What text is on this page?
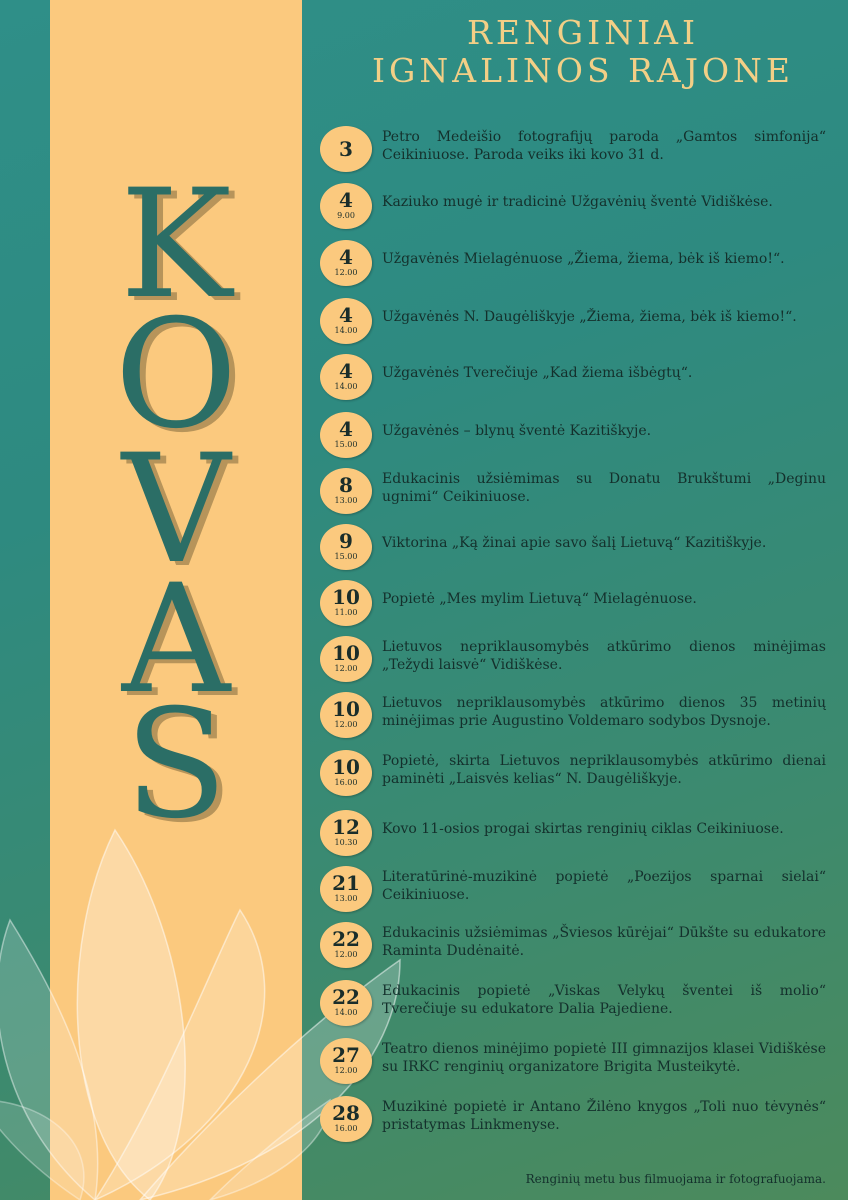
K
O
V
A
S
RENGINIAI
IGNALINOS RAJONE
3	Petro Medeišio fotografijų paroda „Gamtos simfonija“ Ceikiniuose. Paroda veiks iki kovo 31 d.
4
9.00
Kaziuko mugė ir tradicinė Užgavėnių šventė Vidiškėse.
4
12.00
Užgavėnės Mielagėnuose „Žiema, žiema, bėk iš kiemo!“.
4
14.00
Užgavėnės N. Daugėliškyje „Žiema, žiema, bėk iš kiemo!“.
4
14.00
Užgavėnės Tverečiuje „Kad žiema išbėgtų“.
4
15.00
Užgavėnės – blynų šventė Kazitiškyje.
8
13.00
Edukacinis užsiėmimas su Donatu Brukštumi „Deginu ugnimi“ Ceikiniuose.
9
15.00
Viktorina „Ką žinai apie savo šalį Lietuvą“ Kazitiškyje.
10
11.00
Popietė „Mes mylim Lietuvą“ Mielagėnuose.
10
12.00
Lietuvos nepriklausomybės atkūrimo dienos minėjimas „Težydi laisvė“ Vidiškėse.
10
12.00
Lietuvos nepriklausomybės atkūrimo dienos 35 metinių minėjimas prie Augustino Voldemaro sodybos Dysnoje.
10
16.00
Popietė, skirta Lietuvos nepriklausomybės atkūrimo dienai paminėti „Laisvės kelias“ N. Daugėliškyje.
12
10.30
Kovo 11-osios progai skirtas renginių ciklas Ceikiniuose.
21
13.00
Literatūrinė-muzikinė popietė „Poezijos sparnai sielai“ Ceikiniuose.
22
12.00
Edukacinis užsiėmimas „Šviesos kūrėjai“ Dūkšte su edukatore Raminta Dudėnaitė.
22
14.00
Edukacinis popietė „Viskas Velykų šventei iš molio“ Tverečiuje su edukatore Dalia Pajediene.
27
12.00
Teatro dienos minėjimo popietė III gimnazijos klasei Vidiškėse su IRKC renginių organizatore Brigita Musteikytė.
28
16.00
Muzikinė popietė ir Antano Žilėno knygos „Toli nuo tėvynės“ pristatymas Linkmenyse.
Renginių metu bus filmuojama ir fotografuojama.
